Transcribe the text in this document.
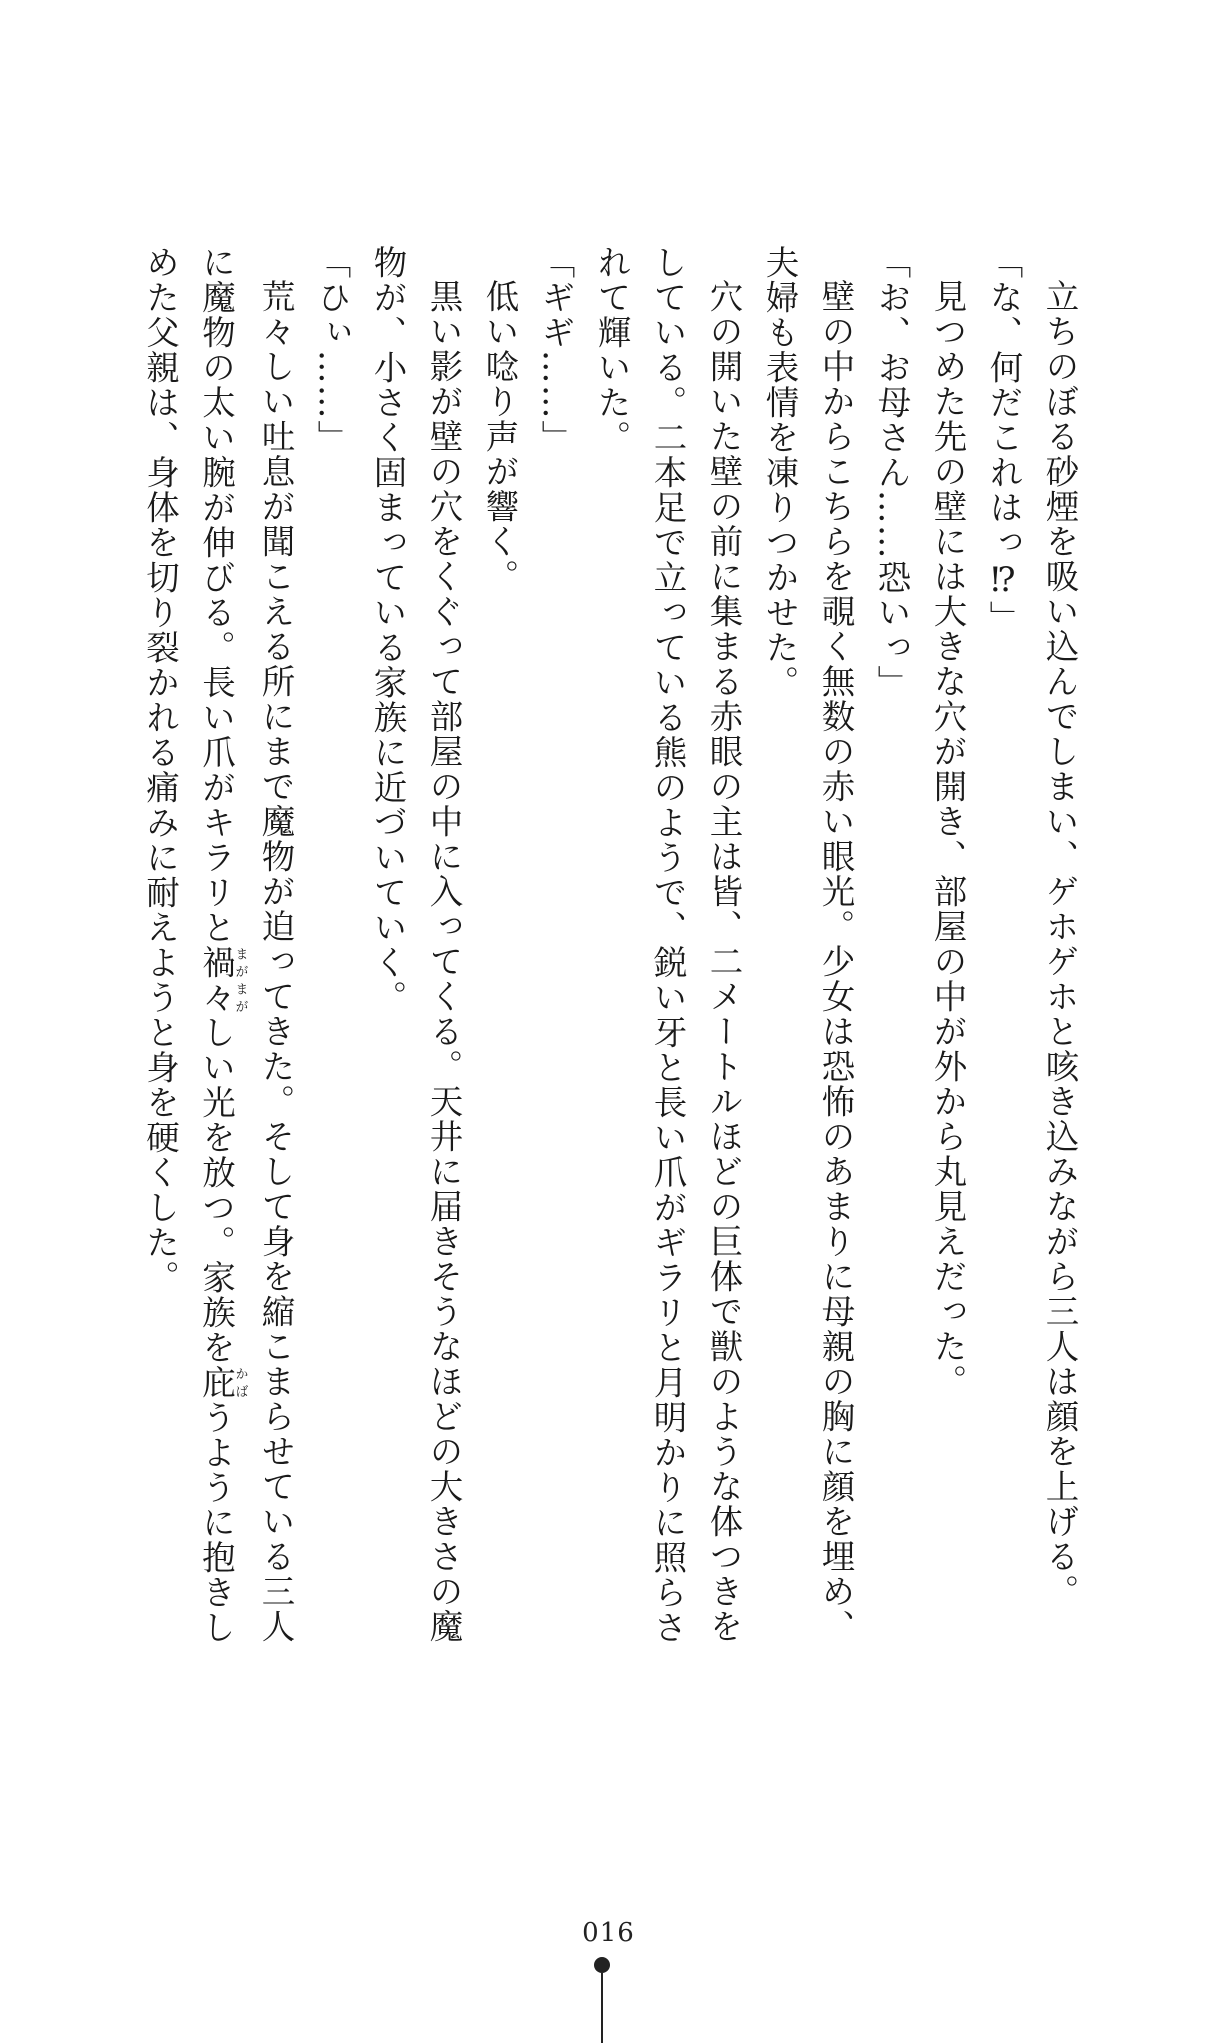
立ちのぼる砂煙を吸い込んでしまい、ゲホゲホと咳き込みながら三人は顔を上げる。

「な、何だこれはっ⁉」

見つめた先の壁には大きな穴が開き、部屋の中が外から丸見えだった。

「お、お母さん……恐いっ」

壁の中からこちらを覗く無数の赤い眼光。少女は恐怖のあまりに母親の胸に顔を埋め、

夫婦も表情を凍りつかせた。

穴の開いた壁の前に集まる赤眼の主は皆、二メートルほどの巨体で獣のような体つきを

している。二本足で立っている熊のようで、鋭い牙と長い爪がギラリと月明かりに照らさ

れて輝いた。

「ギギ……」

低い唸り声が響く。

黒い影が壁の穴をくぐって部屋の中に入ってくる。天井に届きそうなほどの大きさの魔

物が、小さく固まっている家族に近づいていく。

「ひぃ……」

荒々しい吐息が聞こえる所にまで魔物が迫ってきた。そして身を縮こまらせている三人

に魔物の太い腕が伸びる。長い爪がキラリと禍々まがまがしい光を放つ。家族を庇かばうように抱きし

めた父親は、身体を切り裂かれる痛みに耐えようと身を硬くした。

016
